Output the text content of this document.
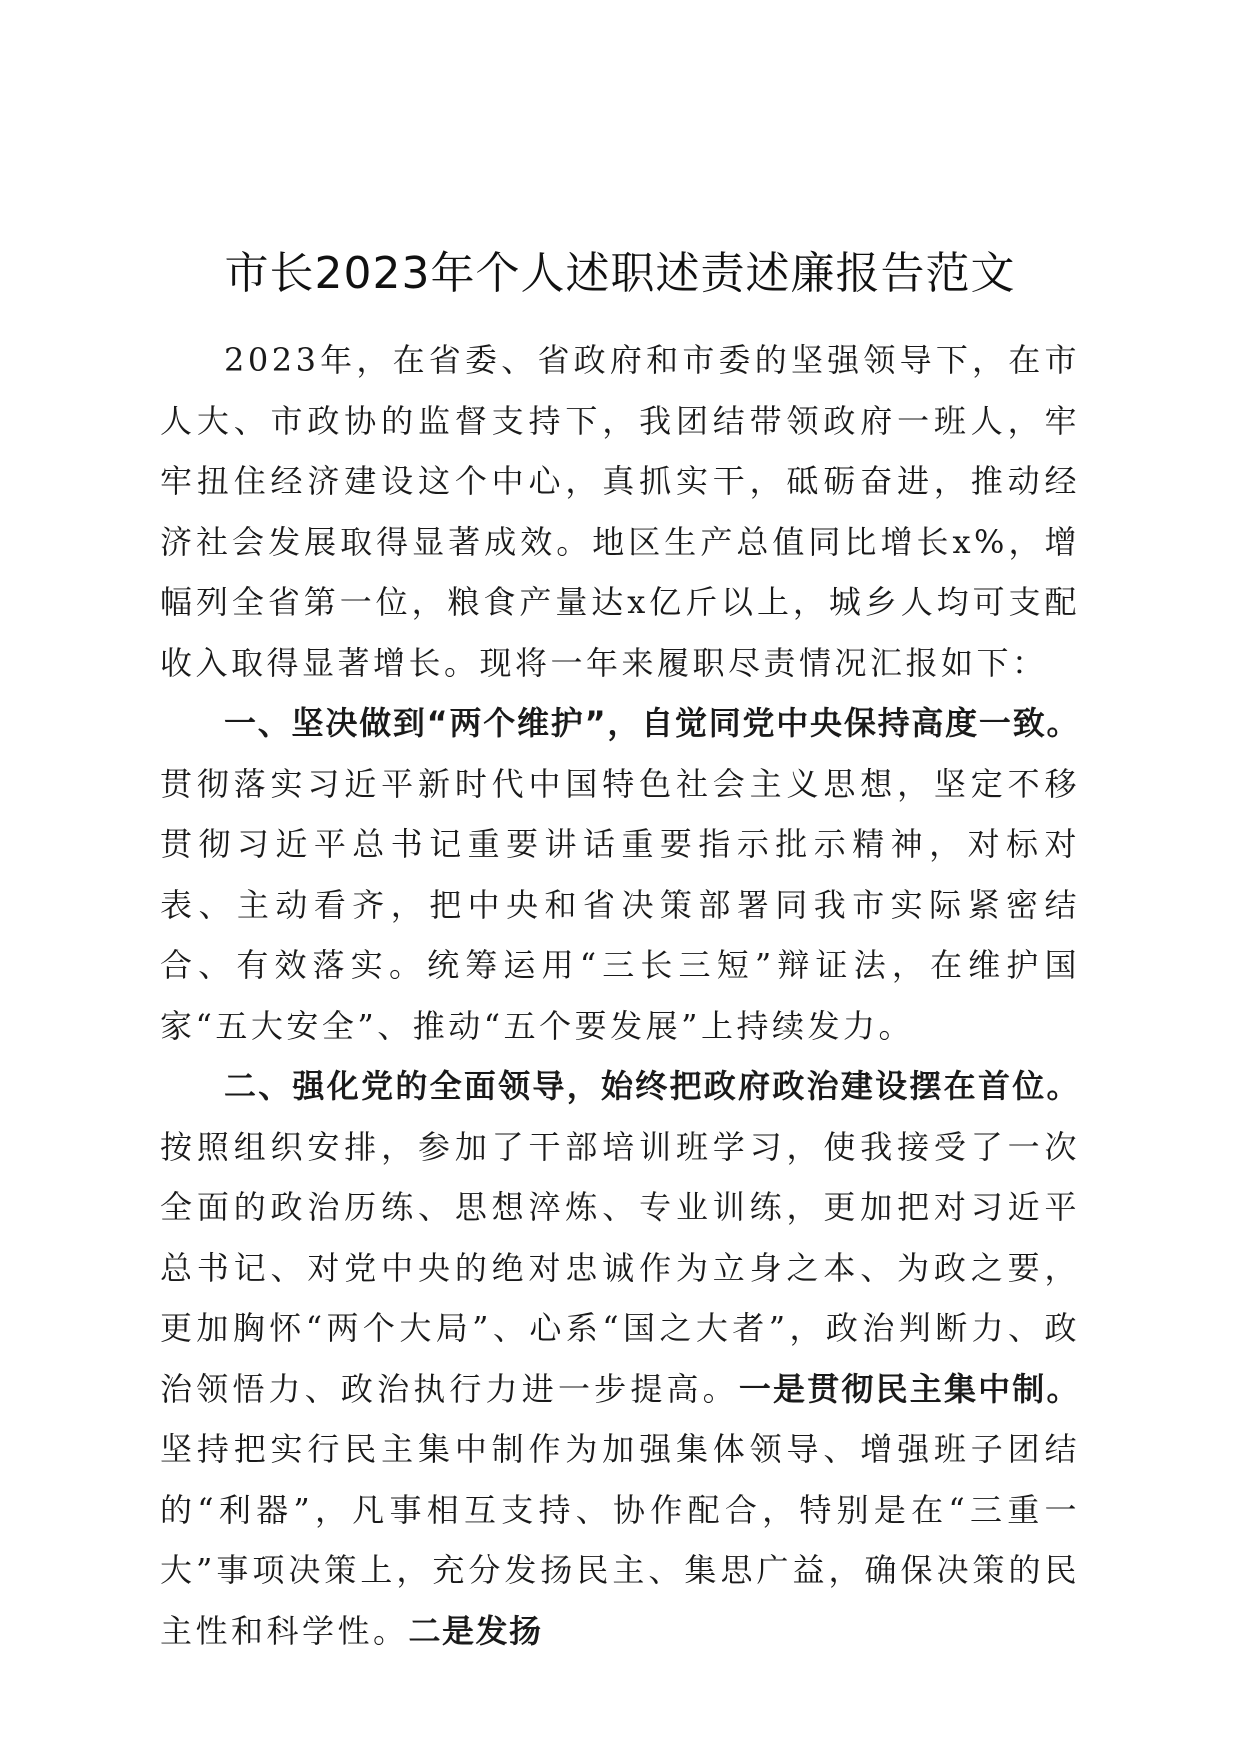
市长2023年个人述职述责述廉报告范文

2023年，在省委、省政府和市委的坚强领导下，在市人大、市政协的监督支持下，我团结带领政府一班人，牢牢扭住经济建设这个中心，真抓实干，砥砺奋进，推动经济社会发展取得显著成效。地区生产总值同比增长x%，增幅列全省第一位，粮食产量达x亿斤以上，城乡人均可支配收入取得显著增长。现将一年来履职尽责情况汇报如下：

一、坚决做到“两个维护”，自觉同党中央保持高度一致。贯彻落实习近平新时代中国特色社会主义思想，坚定不移贯彻习近平总书记重要讲话重要指示批示精神，对标对表、主动看齐，把中央和省决策部署同我市实际紧密结合、有效落实。统筹运用“三长三短”辩证法，在维护国家“五大安全”、推动“五个要发展”上持续发力。

二、强化党的全面领导，始终把政府政治建设摆在首位。按照组织安排，参加了干部培训班学习，使我接受了一次全面的政治历练、思想淬炼、专业训练，更加把对习近平总书记、对党中央的绝对忠诚作为立身之本、为政之要，更加胸怀“两个大局”、心系“国之大者”，政治判断力、政治领悟力、政治执行力进一步提高。一是贯彻民主集中制。坚持把实行民主集中制作为加强集体领导、增强班子团结的“利器”，凡事相互支持、协作配合，特别是在“三重一大”事项决策上，充分发扬民主、集思广益，确保决策的民主性和科学性。二是发扬
